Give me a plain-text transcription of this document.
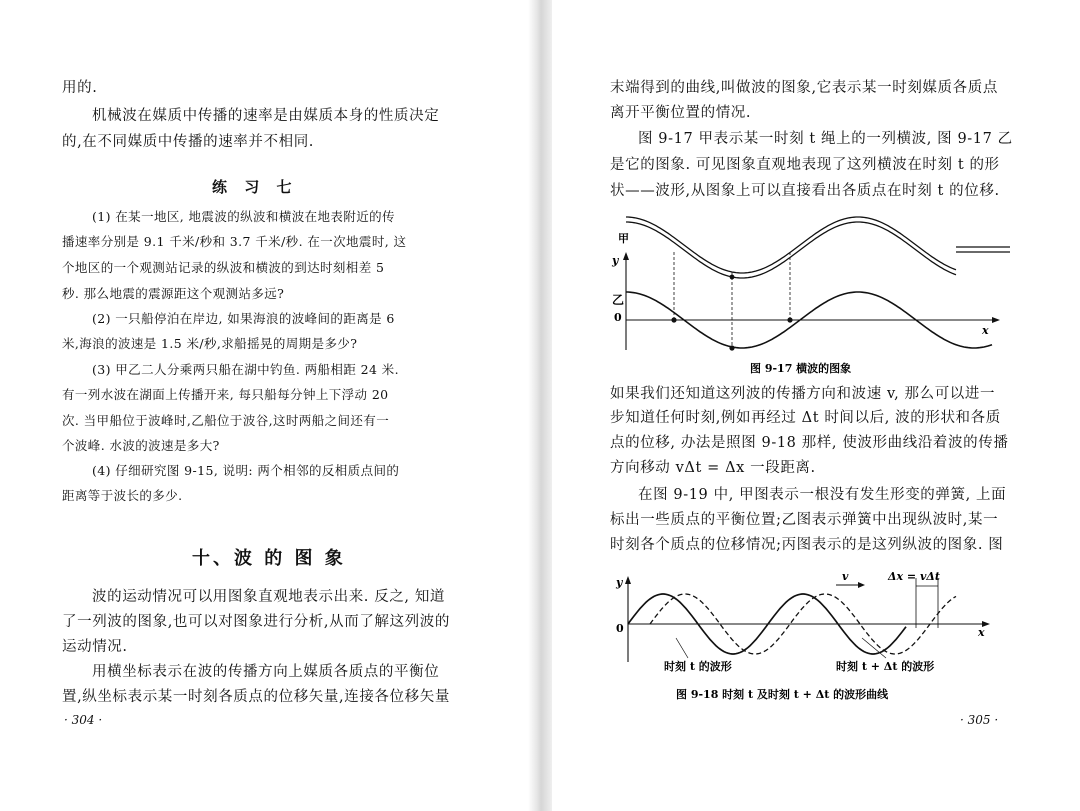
用的.
机械波在媒质中传播的速率是由媒质本身的性质决定
的,在不同媒质中传播的速率并不相同.
练 习 七
(1) 在某一地区, 地震波的纵波和横波在地表附近的传
播速率分别是 9.1 千米/秒和 3.7 千米/秒. 在一次地震时, 这
个地区的一个观测站记录的纵波和横波的到达时刻相差 5
秒. 那么地震的震源距这个观测站多远?
(2) 一只船停泊在岸边, 如果海浪的波峰间的距离是 6
米,海浪的波速是 1.5 米/秒,求船摇晃的周期是多少?
(3) 甲乙二人分乘两只船在湖中钓鱼. 两船相距 24 米.
有一列水波在湖面上传播开来, 每只船每分钟上下浮动 20
次. 当甲船位于波峰时,乙船位于波谷,这时两船之间还有一
个波峰. 水波的波速是多大?
(4) 仔细研究图 9-15, 说明: 两个相邻的反相质点间的
距离等于波长的多少.
十、波 的 图 象
波的运动情况可以用图象直观地表示出来. 反之, 知道
了一列波的图象,也可以对图象进行分析,从而了解这列波的
运动情况.
用横坐标表示在波的传播方向上媒质各质点的平衡位
置,纵坐标表示某一时刻各质点的位移矢量,连接各位移矢量
· 304 ·
末端得到的曲线,叫做波的图象,它表示某一时刻媒质各质点
离开平衡位置的情况.
图 9-17 甲表示某一时刻 t 绳上的一列横波, 图 9-17 乙
是它的图象. 可见图象直观地表现了这列横波在时刻 t 的形
状——波形,从图象上可以直接看出各质点在时刻 t 的位移.
甲
y
乙
0
x
图 9-17 横波的图象
如果我们还知道这列波的传播方向和波速 v, 那么可以进一
步知道任何时刻,例如再经过 Δt 时间以后, 波的形状和各质
点的位移, 办法是照图 9-18 那样, 使波形曲线沿着波的传播
方向移动 vΔt = Δx 一段距离.
在图 9-19 中, 甲图表示一根没有发生形变的弹簧, 上面
标出一些质点的平衡位置;乙图表示弹簧中出现纵波时,某一
时刻各个质点的位移情况;丙图表示的是这列纵波的图象. 图
y	v	Δx = vΔt
0	x
时刻 t 的波形	时刻 t + Δt 的波形
图 9-18 时刻 t 及时刻 t + Δt 的波形曲线
· 305 ·
